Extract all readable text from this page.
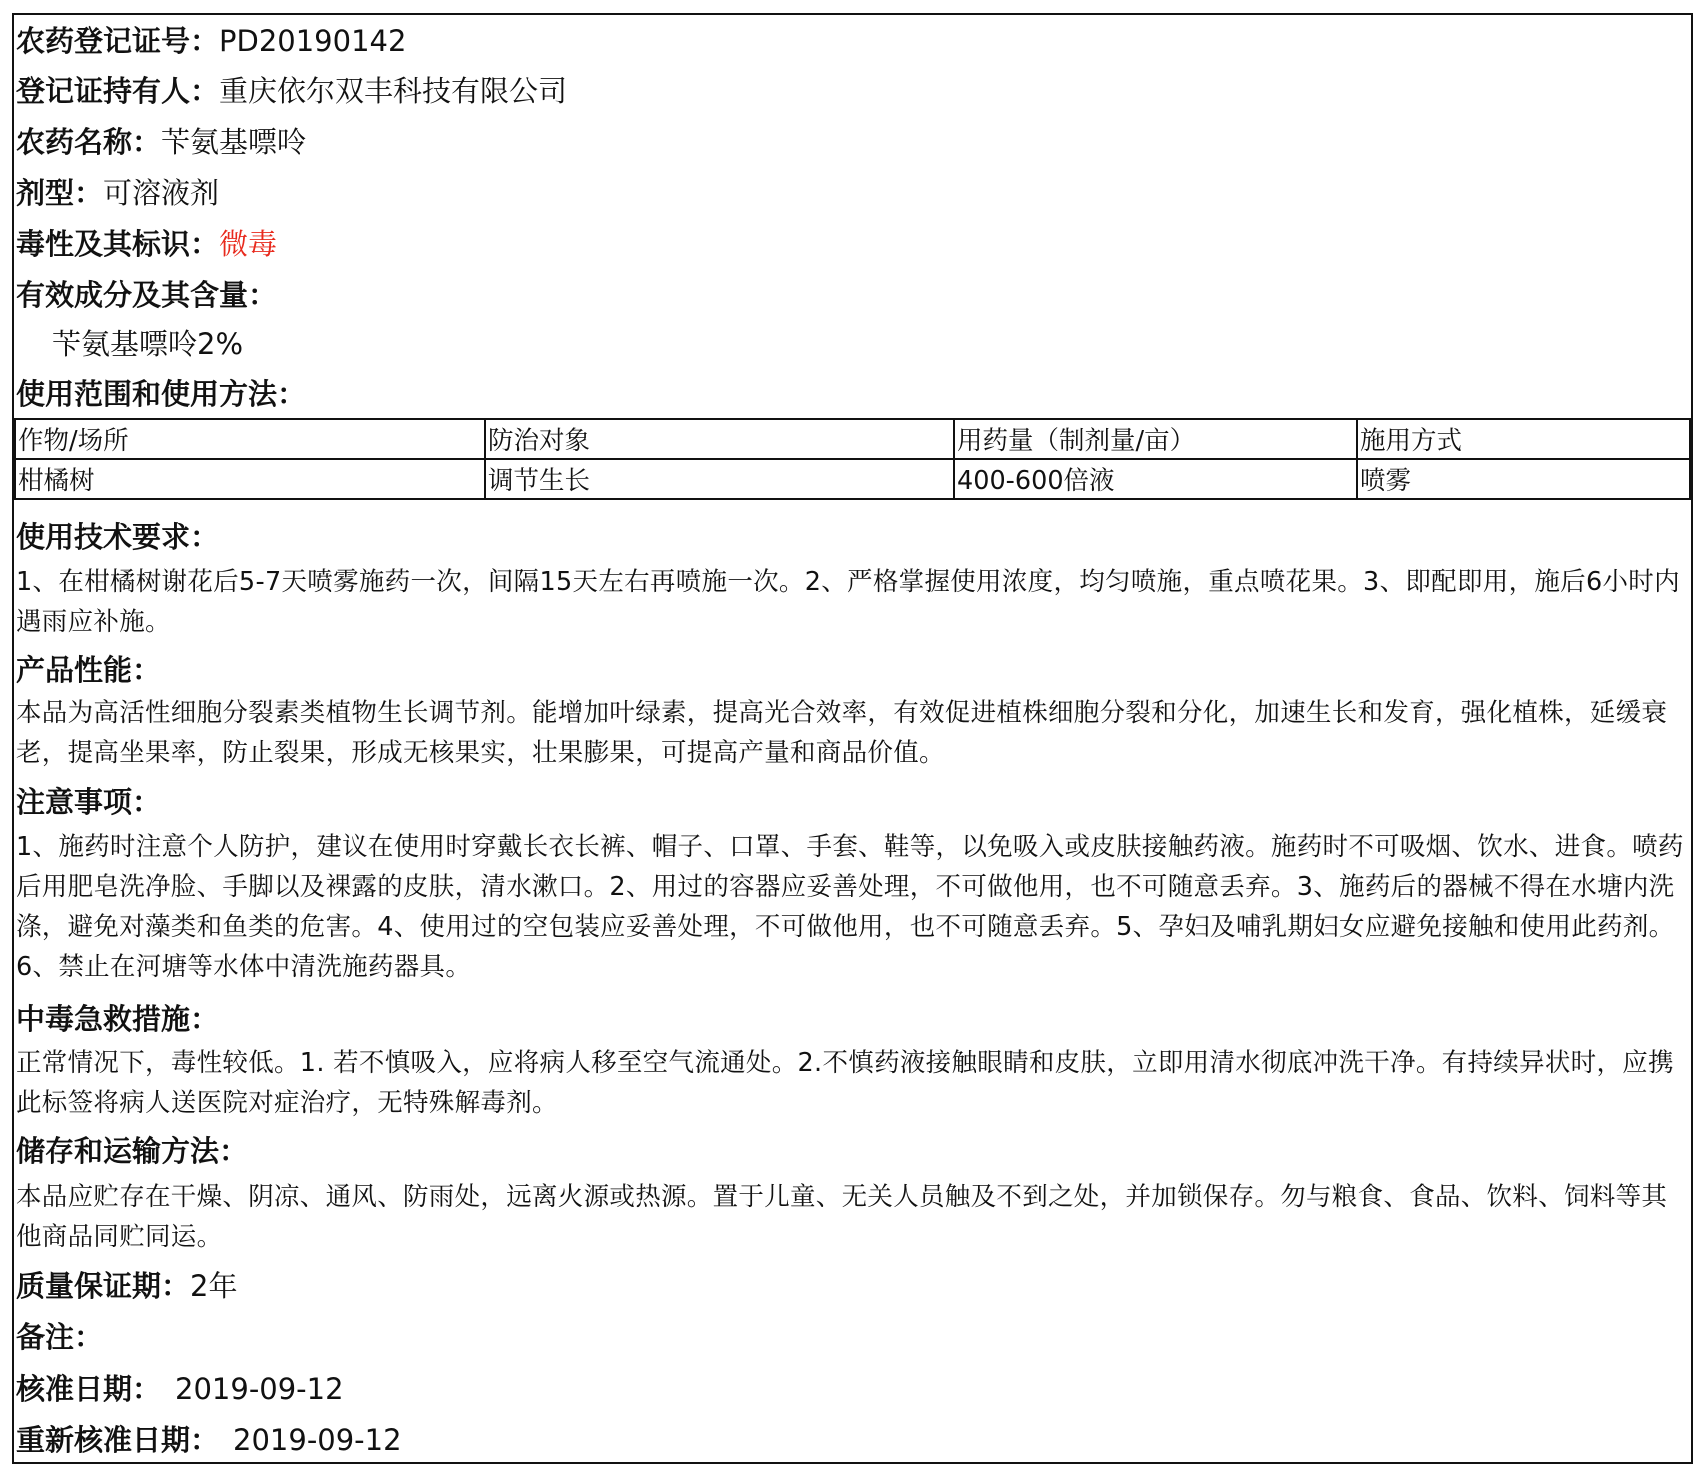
农药登记证号：PD20190142
登记证持有人：重庆依尔双丰科技有限公司
农药名称：苄氨基嘌呤
剂型：可溶液剂
毒性及其标识：微毒
有效成分及其含量：
苄氨基嘌呤2%
使用范围和使用方法：
作物/场所	防治对象	用药量（制剂量/亩）	施用方式
柑橘树	调节生长	400-600倍液	喷雾
使用技术要求：
1、在柑橘树谢花后5-7天喷雾施药一次，间隔15天左右再喷施一次。2、严格掌握使用浓度，均匀喷施，重点喷花果。3、即配即用，施后6小时内遇雨应补施。
产品性能：
本品为高活性细胞分裂素类植物生长调节剂。能增加叶绿素，提高光合效率，有效促进植株细胞分裂和分化，加速生长和发育，强化植株，延缓衰老，提高坐果率，防止裂果，形成无核果实，壮果膨果，可提高产量和商品价值。
注意事项：
1、施药时注意个人防护，建议在使用时穿戴长衣长裤、帽子、口罩、手套、鞋等，以免吸入或皮肤接触药液。施药时不可吸烟、饮水、进食。喷药后用肥皂洗净脸、手脚以及裸露的皮肤，清水漱口。2、用过的容器应妥善处理，不可做他用，也不可随意丢弃。3、施药后的器械不得在水塘内洗涤，避免对藻类和鱼类的危害。4、使用过的空包装应妥善处理，不可做他用，也不可随意丢弃。5、孕妇及哺乳期妇女应避免接触和使用此药剂。6、禁止在河塘等水体中清洗施药器具。
中毒急救措施：
正常情况下，毒性较低。1. 若不慎吸入，应将病人移至空气流通处。2.不慎药液接触眼睛和皮肤，立即用清水彻底冲洗干净。有持续异状时，应携此标签将病人送医院对症治疗，无特殊解毒剂。
储存和运输方法：
本品应贮存在干燥、阴凉、通风、防雨处，远离火源或热源。置于儿童、无关人员触及不到之处，并加锁保存。勿与粮食、食品、饮料、饲料等其他商品同贮同运。
质量保证期：2年
备注：
核准日期： 2019-09-12
重新核准日期： 2019-09-12
